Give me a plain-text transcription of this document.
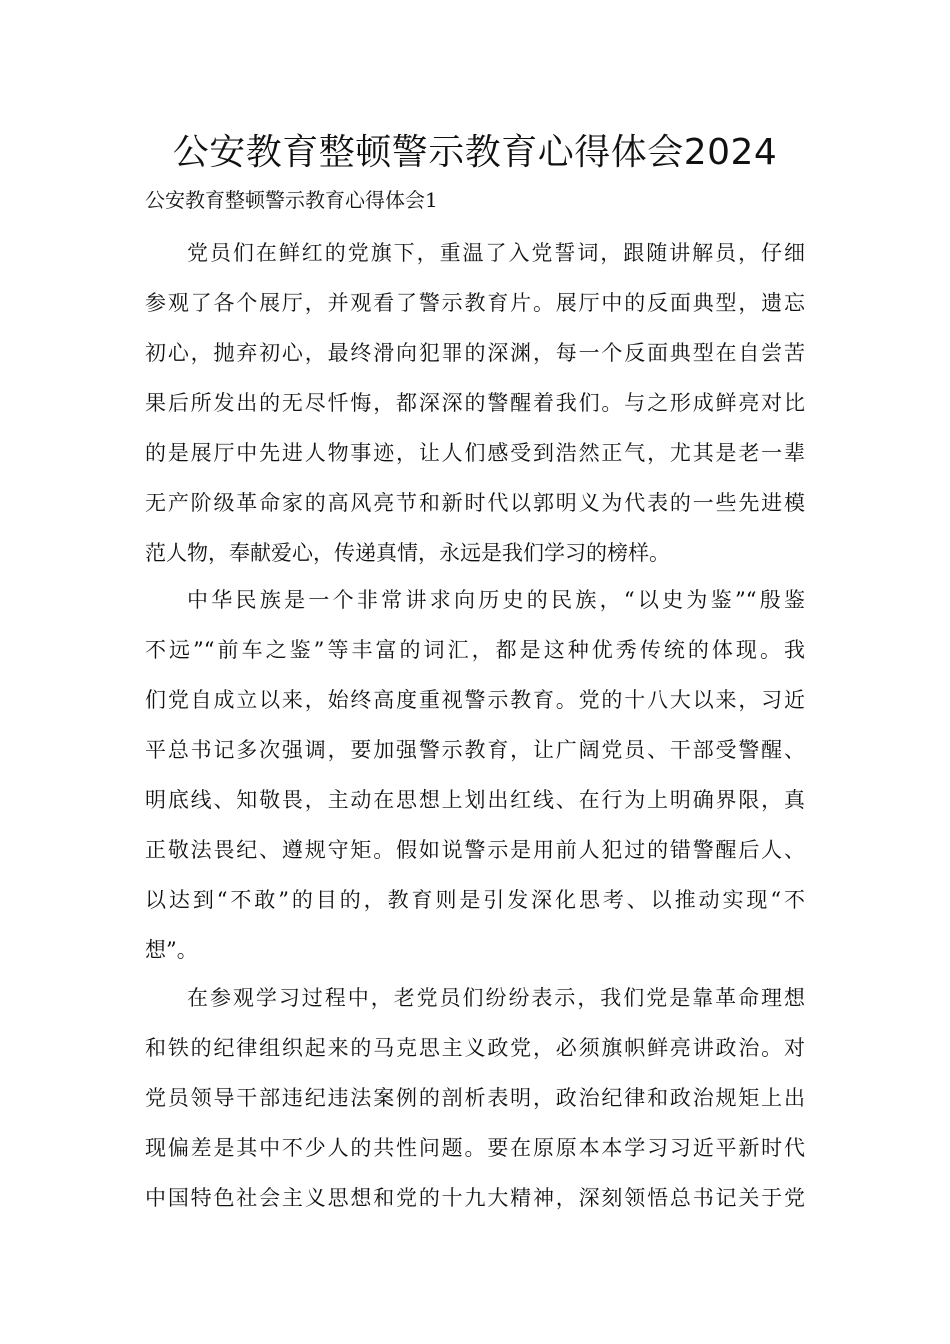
公安教育整顿警示教育心得体会2024
公安教育整顿警示教育心得体会1
党员们在鲜红的党旗下，重温了入党誓词，跟随讲解员，仔细
参观了各个展厅，并观看了警示教育片。展厅中的反面典型，遗忘
初心，抛弃初心，最终滑向犯罪的深渊，每一个反面典型在自尝苦
果后所发出的无尽忏悔，都深深的警醒着我们。与之形成鲜亮对比
的是展厅中先进人物事迹，让人们感受到浩然正气，尤其是老一辈
无产阶级革命家的高风亮节和新时代以郭明义为代表的一些先进模
范人物，奉献爱心，传递真情，永远是我们学习的榜样。
中华民族是一个非常讲求向历史的民族，“以史为鉴”“殷鉴
不远”“前车之鉴”等丰富的词汇，都是这种优秀传统的体现。我
们党自成立以来，始终高度重视警示教育。党的十八大以来，习近
平总书记多次强调，要加强警示教育，让广阔党员、干部受警醒、
明底线、知敬畏，主动在思想上划出红线、在行为上明确界限，真
正敬法畏纪、遵规守矩。假如说警示是用前人犯过的错警醒后人、
以达到“不敢”的目的，教育则是引发深化思考、以推动实现“不
想”。
在参观学习过程中，老党员们纷纷表示，我们党是靠革命理想
和铁的纪律组织起来的马克思主义政党，必须旗帜鲜亮讲政治。对
党员领导干部违纪违法案例的剖析表明，政治纪律和政治规矩上出
现偏差是其中不少人的共性问题。要在原原本本学习习近平新时代
中国特色社会主义思想和党的十九大精神，深刻领悟总书记关于党
